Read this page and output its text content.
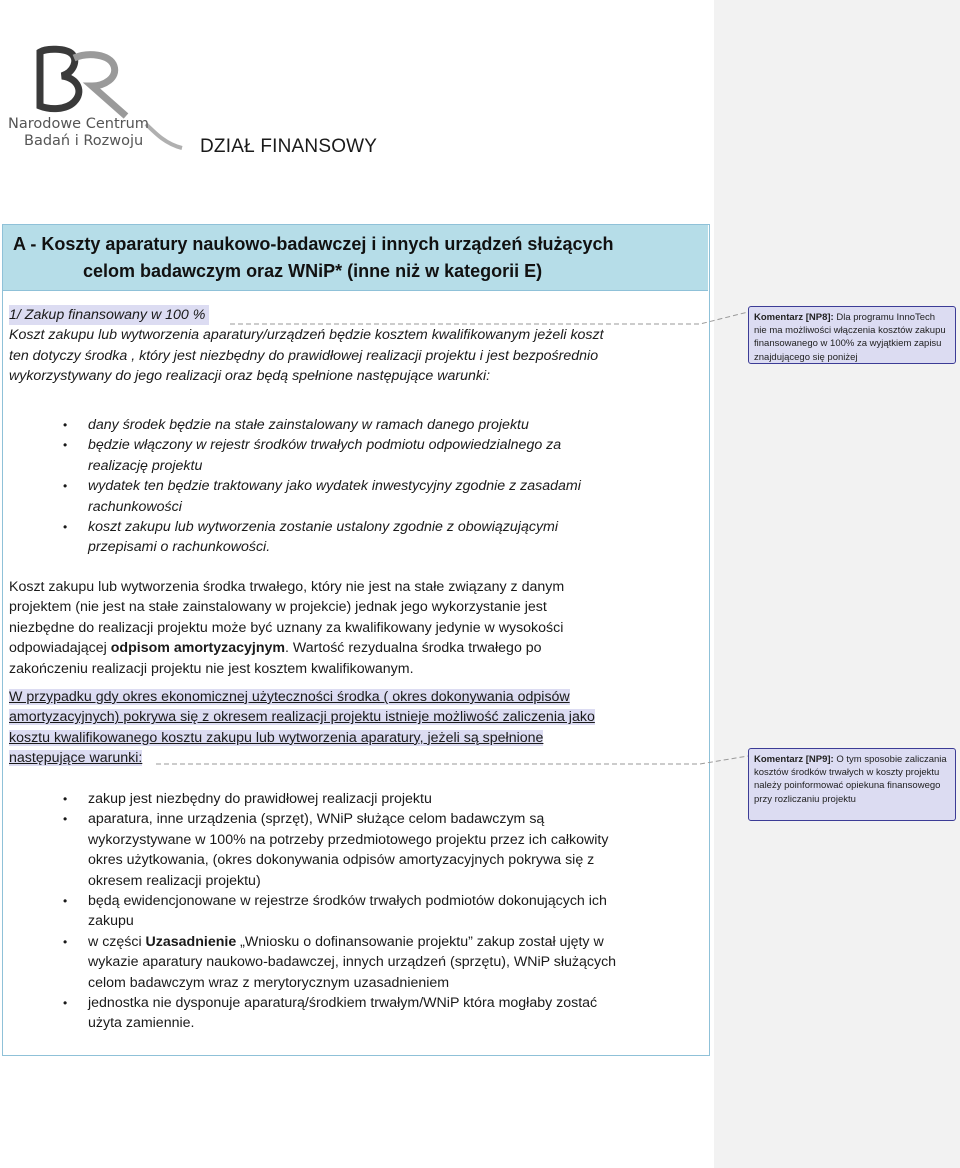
Narodowe Centrum
Badań i Rozwoju	DZIAŁ FINANSOWY
A - Koszty aparatury naukowo-badawczej i innych urządzeń służących
celom badawczym oraz WNiP* (inne niż w kategorii E)
1/ Zakup finansowany w 100 %
Koszt zakupu lub wytworzenia aparatury/urządzeń będzie kosztem kwalifikowanym jeżeli koszt
ten dotyczy środka , który jest niezbędny do prawidłowej realizacji projektu i jest bezpośrednio
wykorzystywany do jego realizacji oraz będą spełnione następujące warunki:
• dany środek będzie na stałe zainstalowany w ramach danego projektu
• będzie włączony w rejestr środków trwałych podmiotu odpowiedzialnego za
realizację projektu
• wydatek ten będzie traktowany jako wydatek inwestycyjny zgodnie z zasadami
rachunkowości
• koszt zakupu lub wytworzenia zostanie ustalony zgodnie z obowiązującymi
przepisami o rachunkowości.
Koszt zakupu lub wytworzenia środka trwałego, który nie jest na stałe związany z danym
projektem (nie jest na stałe zainstalowany w projekcie) jednak jego wykorzystanie jest
niezbędne do realizacji projektu może być uznany za kwalifikowany jedynie w wysokości
odpowiadającej odpisom amortyzacyjnym. Wartość rezydualna środka trwałego po
zakończeniu realizacji projektu nie jest kosztem kwalifikowanym.
W przypadku gdy okres ekonomicznej użyteczności środka ( okres dokonywania odpisów
amortyzacyjnych) pokrywa się z okresem realizacji projektu istnieje możliwość zaliczenia jako
kosztu kwalifikowanego kosztu zakupu lub wytworzenia aparatury, jeżeli są spełnione
następujące warunki:
• zakup jest niezbędny do prawidłowej realizacji projektu
• aparatura, inne urządzenia (sprzęt), WNiP służące celom badawczym są
wykorzystywane w 100% na potrzeby przedmiotowego projektu przez ich całkowity
okres użytkowania, (okres dokonywania odpisów amortyzacyjnych pokrywa się z
okresem realizacji projektu)
• będą ewidencjonowane w rejestrze środków trwałych podmiotów dokonujących ich
zakupu
• w części Uzasadnienie „Wniosku o dofinansowanie projektu” zakup został ujęty w
wykazie aparatury naukowo-badawczej, innych urządzeń (sprzętu), WNiP służących
celom badawczym wraz z merytorycznym uzasadnieniem
• jednostka nie dysponuje aparaturą/środkiem trwałym/WNiP która mogłaby zostać
użyta zamiennie.
Komentarz [NP8]: Dla programu InnoTech nie ma możliwości włączenia kosztów zakupu finansowanego w 100% za wyjątkiem zapisu znajdującego się poniżej
Komentarz [NP9]: O tym sposobie zaliczania kosztów środków trwałych w koszty projektu należy poinformować opiekuna finansowego przy rozliczaniu projektu
